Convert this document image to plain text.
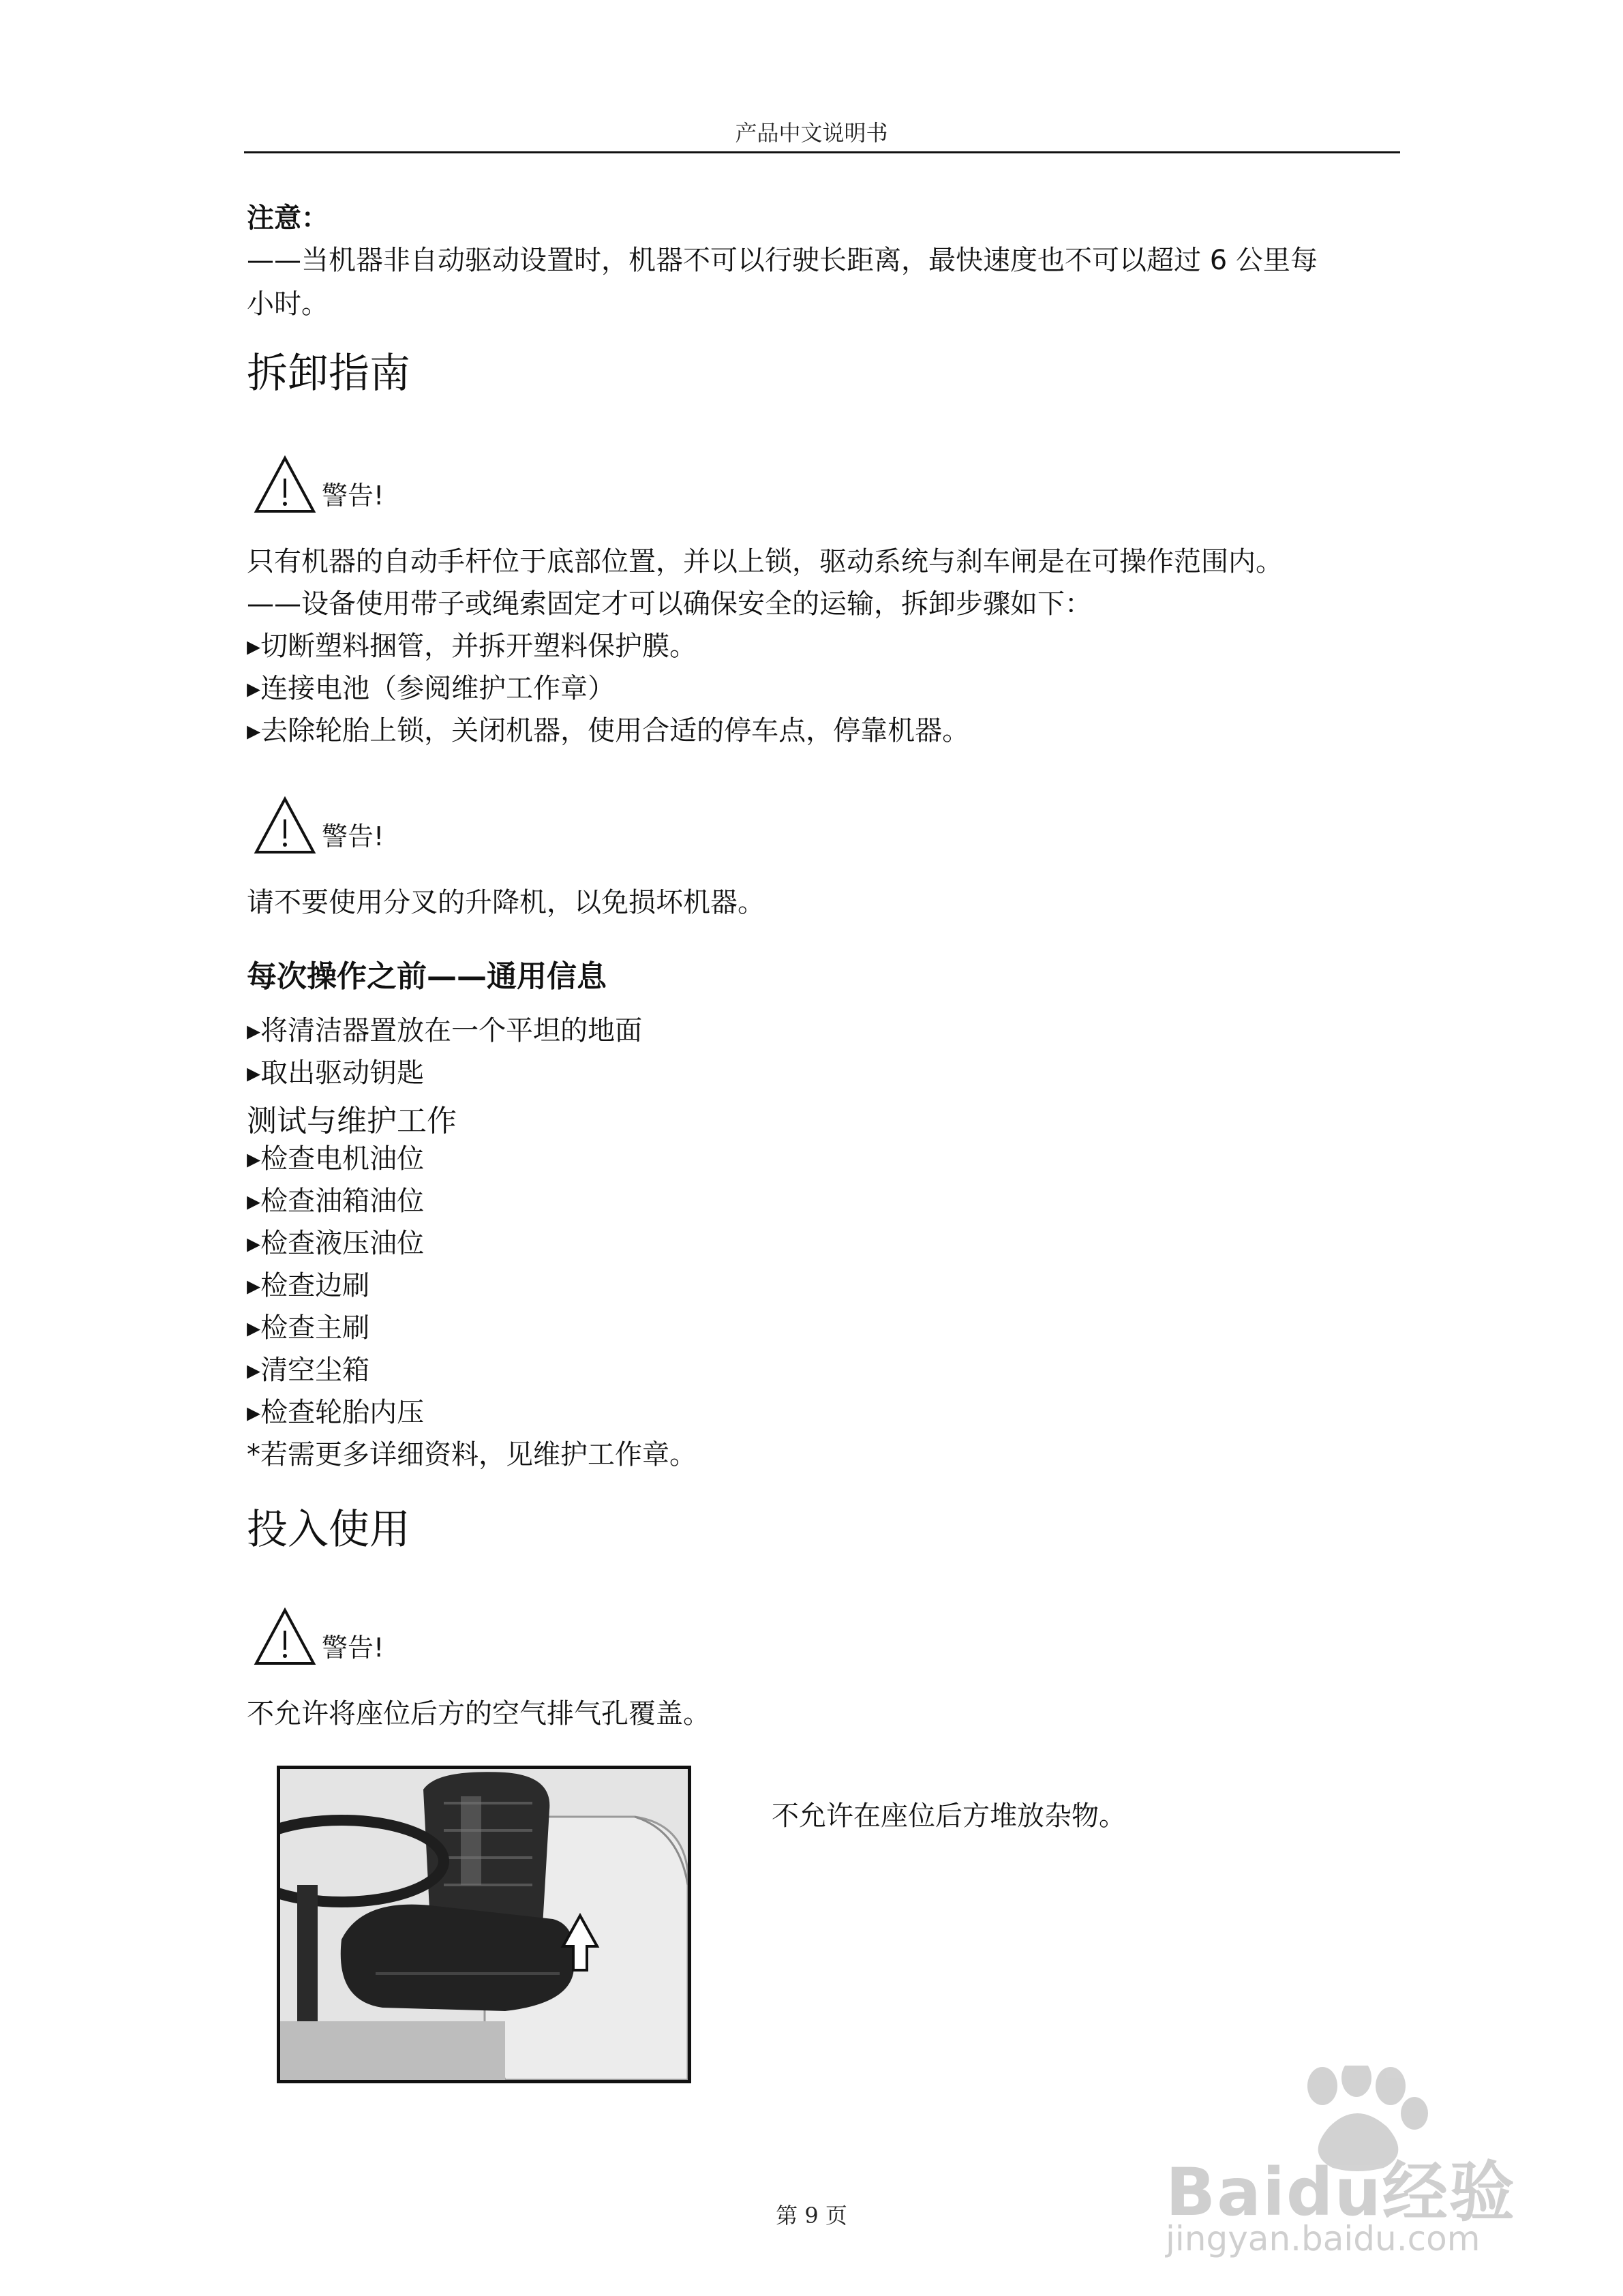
产品中文说明书
注意：
——当机器非自动驱动设置时，机器不可以行驶长距离，最快速度也不可以超过 6 公里每
小时。
拆卸指南
警告!
只有机器的自动手杆位于底部位置，并以上锁，驱动系统与刹车闸是在可操作范围内。
——设备使用带子或绳索固定才可以确保安全的运输，拆卸步骤如下：
▸切断塑料捆管，并拆开塑料保护膜。
▸连接电池（参阅维护工作章）
▸去除轮胎上锁，关闭机器，使用合适的停车点，停靠机器。
警告!
请不要使用分叉的升降机，以免损坏机器。
每次操作之前——通用信息
▸将清洁器置放在一个平坦的地面
▸取出驱动钥匙
测试与维护工作
▸检查电机油位
▸检查油箱油位
▸检查液压油位
▸检查边刷
▸检查主刷
▸清空尘箱
▸检查轮胎内压
*若需更多详细资料，见维护工作章。
投入使用
警告!
不允许将座位后方的空气排气孔覆盖。
不允许在座位后方堆放杂物。
第 9 页	Baidu经验
jingyan.baidu.com
